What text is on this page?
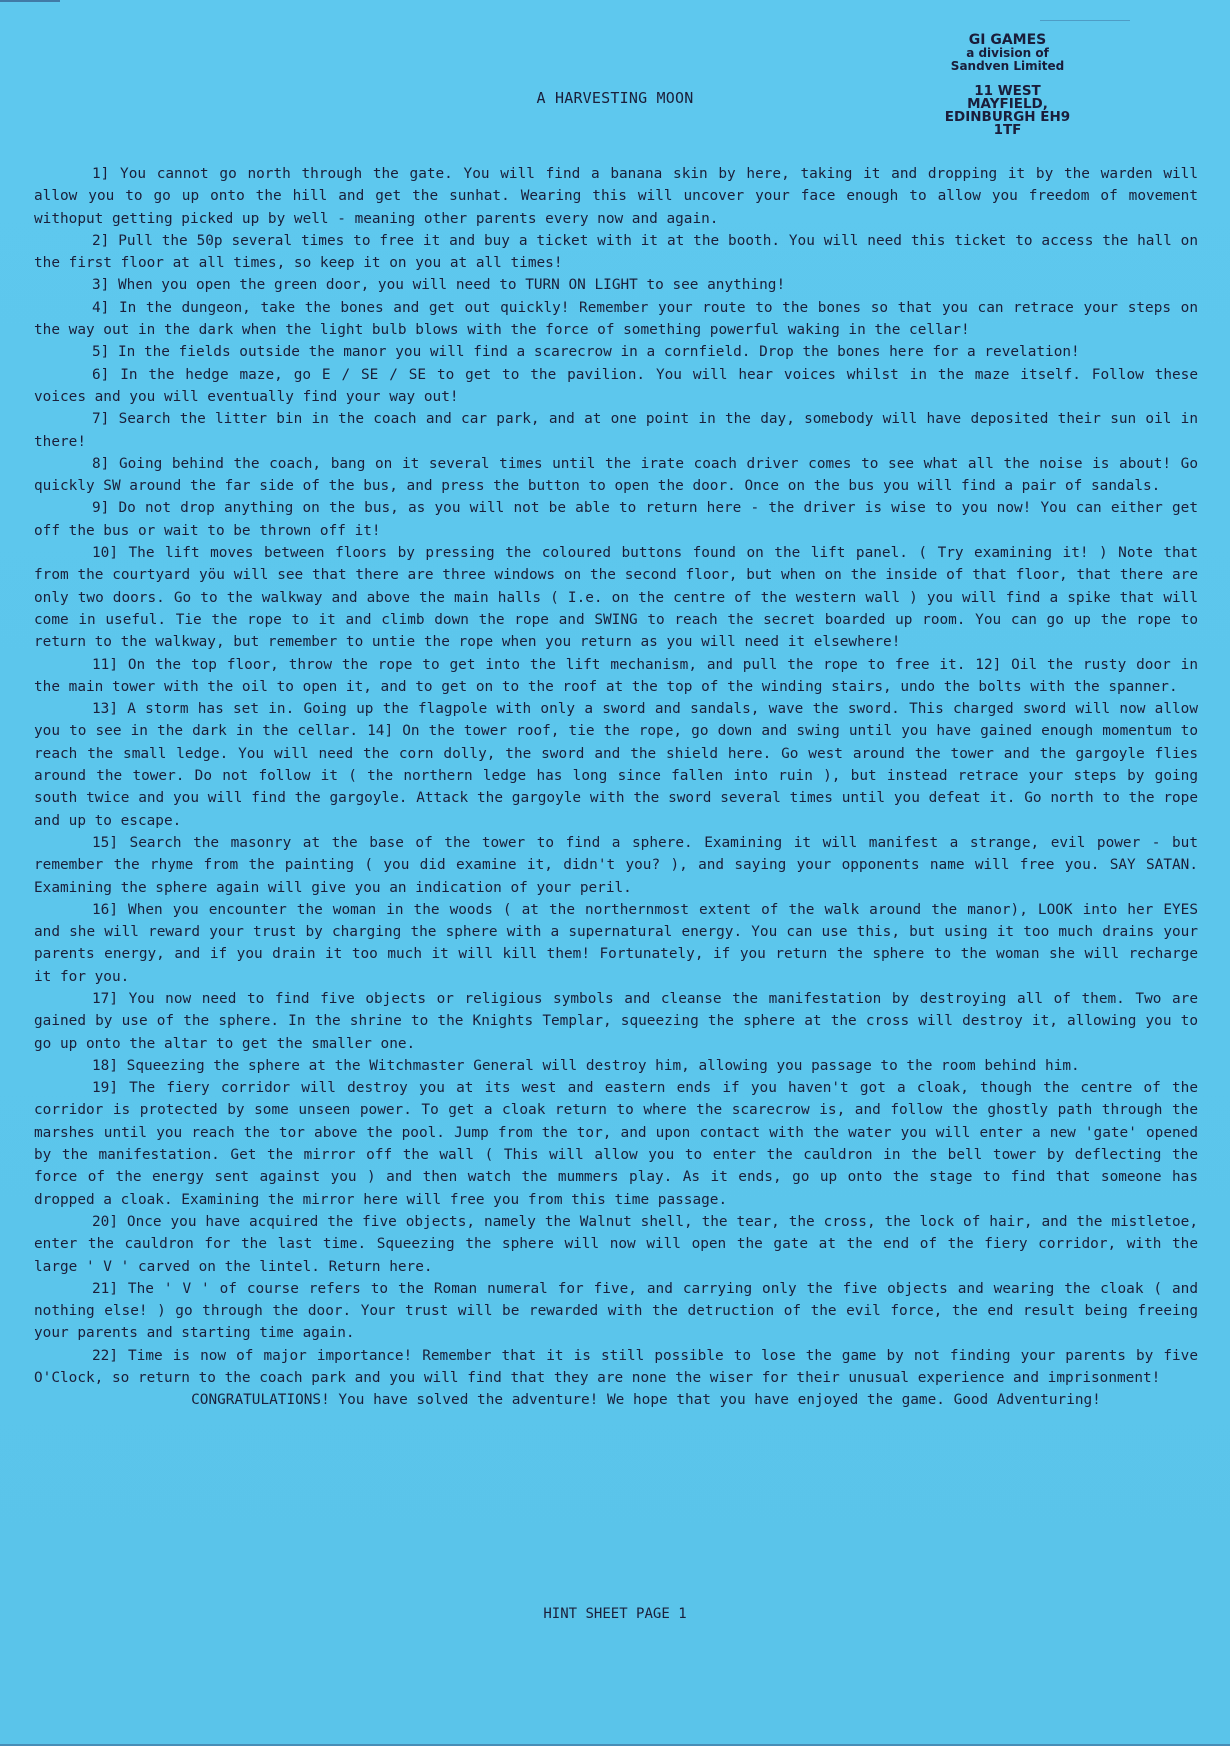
A HARVESTING MOON
GI GAMES
a division of
Sandven Limited
11 WEST MAYFIELD,
EDINBURGH EH9 1TF

1] You cannot go north through the gate. You will find a banana skin by here, taking it and dropping it by the warden will allow you to go up onto the hill and get the sunhat. Wearing this will uncover your face enough to allow you freedom of movement withoput getting picked up by well - meaning other parents every now and again.

2] Pull the 50p several times to free it and buy a ticket with it at the booth. You will need this ticket to access the hall on the first floor at all times, so keep it on you at all times!

3] When you open the green door, you will need to TURN ON LIGHT to see anything!

4] In the dungeon, take the bones and get out quickly! Remember your route to the bones so that you can retrace your steps on the way out in the dark when the light bulb blows with the force of something powerful waking in the cellar!

5] In the fields outside the manor you will find a scarecrow in a cornfield. Drop the bones here for a revelation!

6] In the hedge maze, go E / SE / SE to get to the pavilion. You will hear voices whilst in the maze itself. Follow these voices and you will eventually find your way out!

7] Search the litter bin in the coach and car park, and at one point in the day, somebody will have deposited their sun oil in there!

8] Going behind the coach, bang on it several times until the irate coach driver comes to see what all the noise is about! Go quickly SW around the far side of the bus, and press the button to open the door. Once on the bus you will find a pair of sandals.

9] Do not drop anything on the bus, as you will not be able to return here - the driver is wise to you now! You can either get off the bus or wait to be thrown off it!

10] The lift moves between floors by pressing the coloured buttons found on the lift panel. ( Try examining it! ) Note that from the courtyard yöu will see that there are three windows on the second floor, but when on the inside of that floor, that there are only two doors. Go to the walkway and above the main halls ( I.e. on the centre of the western wall ) you will find a spike that will come in useful. Tie the rope to it and climb down the rope and SWING to reach the secret boarded up room. You can go up the rope to return to the walkway, but remember to untie the rope when you return as you will need it elsewhere!

11] On the top floor, throw the rope to get into the lift mechanism, and pull the rope to free it. 12] Oil the rusty door in the main tower with the oil to open it, and to get on to the roof at the top of the winding stairs, undo the bolts with the spanner.

13] A storm has set in. Going up the flagpole with only a sword and sandals, wave the sword. This charged sword will now allow you to see in the dark in the cellar. 14] On the tower roof, tie the rope, go down and swing until you have gained enough momentum to reach the small ledge. You will need the corn dolly, the sword and the shield here. Go west around the tower and the gargoyle flies around the tower. Do not follow it ( the northern ledge has long since fallen into ruin ), but instead retrace your steps by going south twice and you will find the gargoyle. Attack the gargoyle with the sword several times until you defeat it. Go north to the rope and up to escape.

15] Search the masonry at the base of the tower to find a sphere. Examining it will manifest a strange, evil power - but remember the rhyme from the painting ( you did examine it, didn't you? ), and saying your opponents name will free you. SAY SATAN. Examining the sphere again will give you an indication of your peril.

16] When you encounter the woman in the woods ( at the northernmost extent of the walk around the manor), LOOK into her EYES and she will reward your trust by charging the sphere with a supernatural energy. You can use this, but using it too much drains your parents energy, and if you drain it too much it will kill them! Fortunately, if you return the sphere to the woman she will recharge it for you.

17] You now need to find five objects or religious symbols and cleanse the manifestation by destroying all of them. Two are gained by use of the sphere. In the shrine to the Knights Templar, squeezing the sphere at the cross will destroy it, allowing you to go up onto the altar to get the smaller one.

18] Squeezing the sphere at the Witchmaster General will destroy him, allowing you passage to the room behind him.

19] The fiery corridor will destroy you at its west and eastern ends if you haven't got a cloak, though the centre of the corridor is protected by some unseen power. To get a cloak return to where the scarecrow is, and follow the ghostly path through the marshes until you reach the tor above the pool. Jump from the tor, and upon contact with the water you will enter a new 'gate' opened by the manifestation. Get the mirror off the wall ( This will allow you to enter the cauldron in the bell tower by deflecting the force of the energy sent against you ) and then watch the mummers play. As it ends, go up onto the stage to find that someone has dropped a cloak. Examining the mirror here will free you from this time passage.

20] Once you have acquired the five objects, namely the Walnut shell, the tear, the cross, the lock of hair, and the mistletoe, enter the cauldron for the last time. Squeezing the sphere will now will open the gate at the end of the fiery corridor, with the large ' V ' carved on the lintel. Return here.

21] The ' V ' of course refers to the Roman numeral for five, and carrying only the five objects and wearing the cloak ( and nothing else! ) go through the door. Your trust will be rewarded with the detruction of the evil force, the end result being freeing your parents and starting time again.

22] Time is now of major importance! Remember that it is still possible to lose the game by not finding your parents by five O'Clock, so return to the coach park and you will find that they are none the wiser for their unusual experience and imprisonment!

CONGRATULATIONS! You have solved the adventure! We hope that you have enjoyed the game. Good Adventuring!

HINT SHEET PAGE 1
